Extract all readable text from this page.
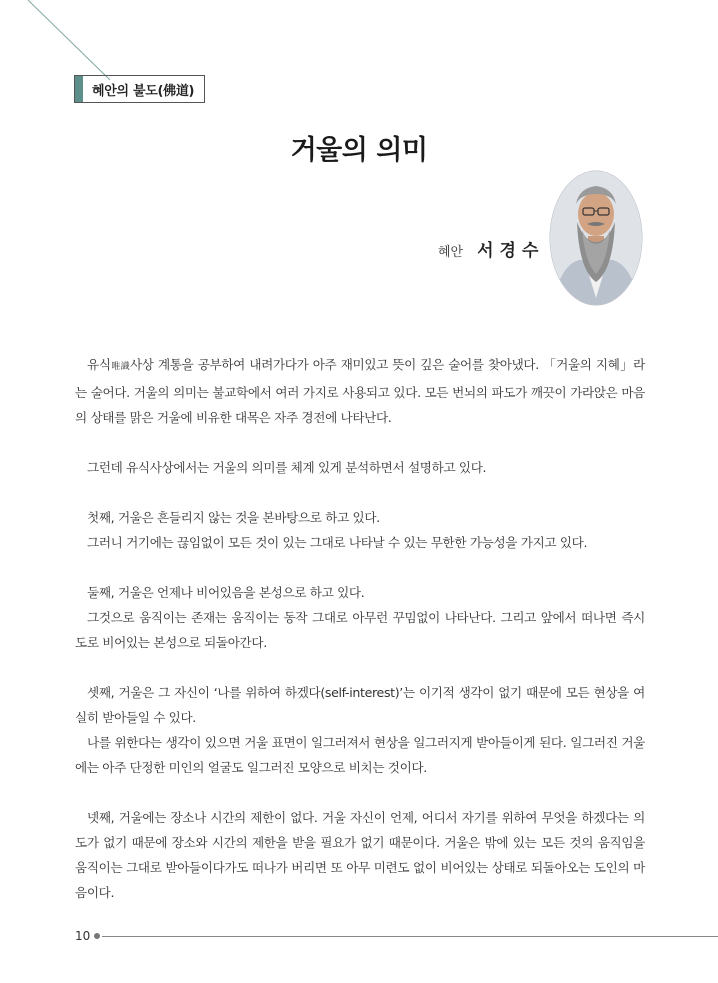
혜안의 불도(佛道)
거울의 의미
혜안 서경수

유식唯識사상 계통을 공부하여 내려가다가 아주 재미있고 뜻이 깊은 술어를 찾아냈다. 「거울의 지혜」라는 술어다. 거울의 의미는 불교학에서 여러 가지로 사용되고 있다. 모든 번뇌의 파도가 깨끗이 가라앉은 마음의 상태를 맑은 거울에 비유한 대목은 자주 경전에 나타난다.

그런데 유식사상에서는 거울의 의미를 체계 있게 분석하면서 설명하고 있다.

첫째, 거울은 흔들리지 않는 것을 본바탕으로 하고 있다.

그러니 거기에는 끊임없이 모든 것이 있는 그대로 나타날 수 있는 무한한 가능성을 가지고 있다.

둘째, 거울은 언제나 비어있음을 본성으로 하고 있다.

그것으로 움직이는 존재는 움직이는 동작 그대로 아무런 꾸밈없이 나타난다. 그리고 앞에서 떠나면 즉시 도로 비어있는 본성으로 되돌아간다.

셋째, 거울은 그 자신이 ‘나를 위하여 하겠다(self-interest)’는 이기적 생각이 없기 때문에 모든 현상을 여실히 받아들일 수 있다.

나를 위한다는 생각이 있으면 거울 표면이 일그러져서 현상을 일그러지게 받아들이게 된다. 일그러진 거울에는 아주 단정한 미인의 얼굴도 일그러진 모양으로 비치는 것이다.

넷째, 거울에는 장소나 시간의 제한이 없다. 거울 자신이 언제, 어디서 자기를 위하여 무엇을 하겠다는 의도가 없기 때문에 장소와 시간의 제한을 받을 필요가 없기 때문이다. 거울은 밖에 있는 모든 것의 움직임을 움직이는 그대로 받아들이다가도 떠나가 버리면 또 아무 미련도 없이 비어있는 상태로 되돌아오는 도인의 마음이다.

10
